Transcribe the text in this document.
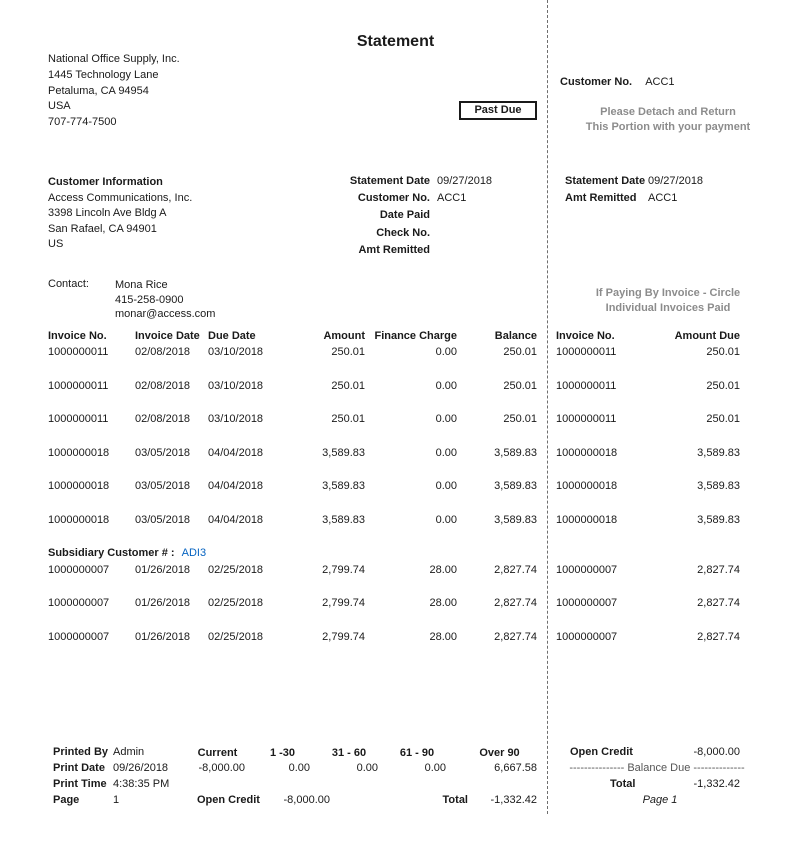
Statement
National Office Supply, Inc.
1445 Technology Lane
Petaluma, CA 94954
USA
707-774-7500
Past Due
Customer No. ACC1
Please Detach and Return
This Portion with your payment
Customer Information
Access Communications, Inc.
3398 Lincoln Ave Bldg A
San Rafael, CA 94901
US
Statement Date 09/27/2018
Customer No. ACC1
Date Paid
Check No.
Amt Remitted
Statement Date 09/27/2018
Amt Remitted ACC1
Contact: Mona Rice
415-258-0900
monar@access.com
If Paying By Invoice - Circle
Individual Invoices Paid
Invoice No.	Invoice Date Due Date	Amount Finance Charge	Balance Invoice No.	Amount Due
1000000011 02/08/2018 03/10/2018	250.01	0.00	250.01 1000000011	250.01
1000000011 02/08/2018 03/10/2018	250.01	0.00	250.01 1000000011	250.01
1000000011 02/08/2018 03/10/2018	250.01	0.00	250.01 1000000011	250.01
1000000018 03/05/2018 04/04/2018	3,589.83	0.00	3,589.83 1000000018	3,589.83
1000000018 03/05/2018 04/04/2018	3,589.83	0.00	3,589.83 1000000018	3,589.83
1000000018 03/05/2018 04/04/2018	3,589.83	0.00	3,589.83 1000000018	3,589.83
Subsidiary Customer # : ADI3
1000000007 01/26/2018 02/25/2018	2,799.74	28.00	2,827.74 1000000007	2,827.74
1000000007 01/26/2018 02/25/2018	2,799.74	28.00	2,827.74 1000000007	2,827.74
1000000007 01/26/2018 02/25/2018	2,799.74	28.00	2,827.74 1000000007	2,827.74
Printed By Admin
Print Date 09/26/2018
Print Time 4:38:35 PM
Page	1
Current	1 -30	31 - 60	61 - 90	Over 90
-8,000.00	0.00	0.00	0.00	6,667.58
Open Credit	-8,000.00	Total	-1,332.42
Open Credit	-8,000.00
--------------- Balance Due --------------
Total	-1,332.42
Page 1
